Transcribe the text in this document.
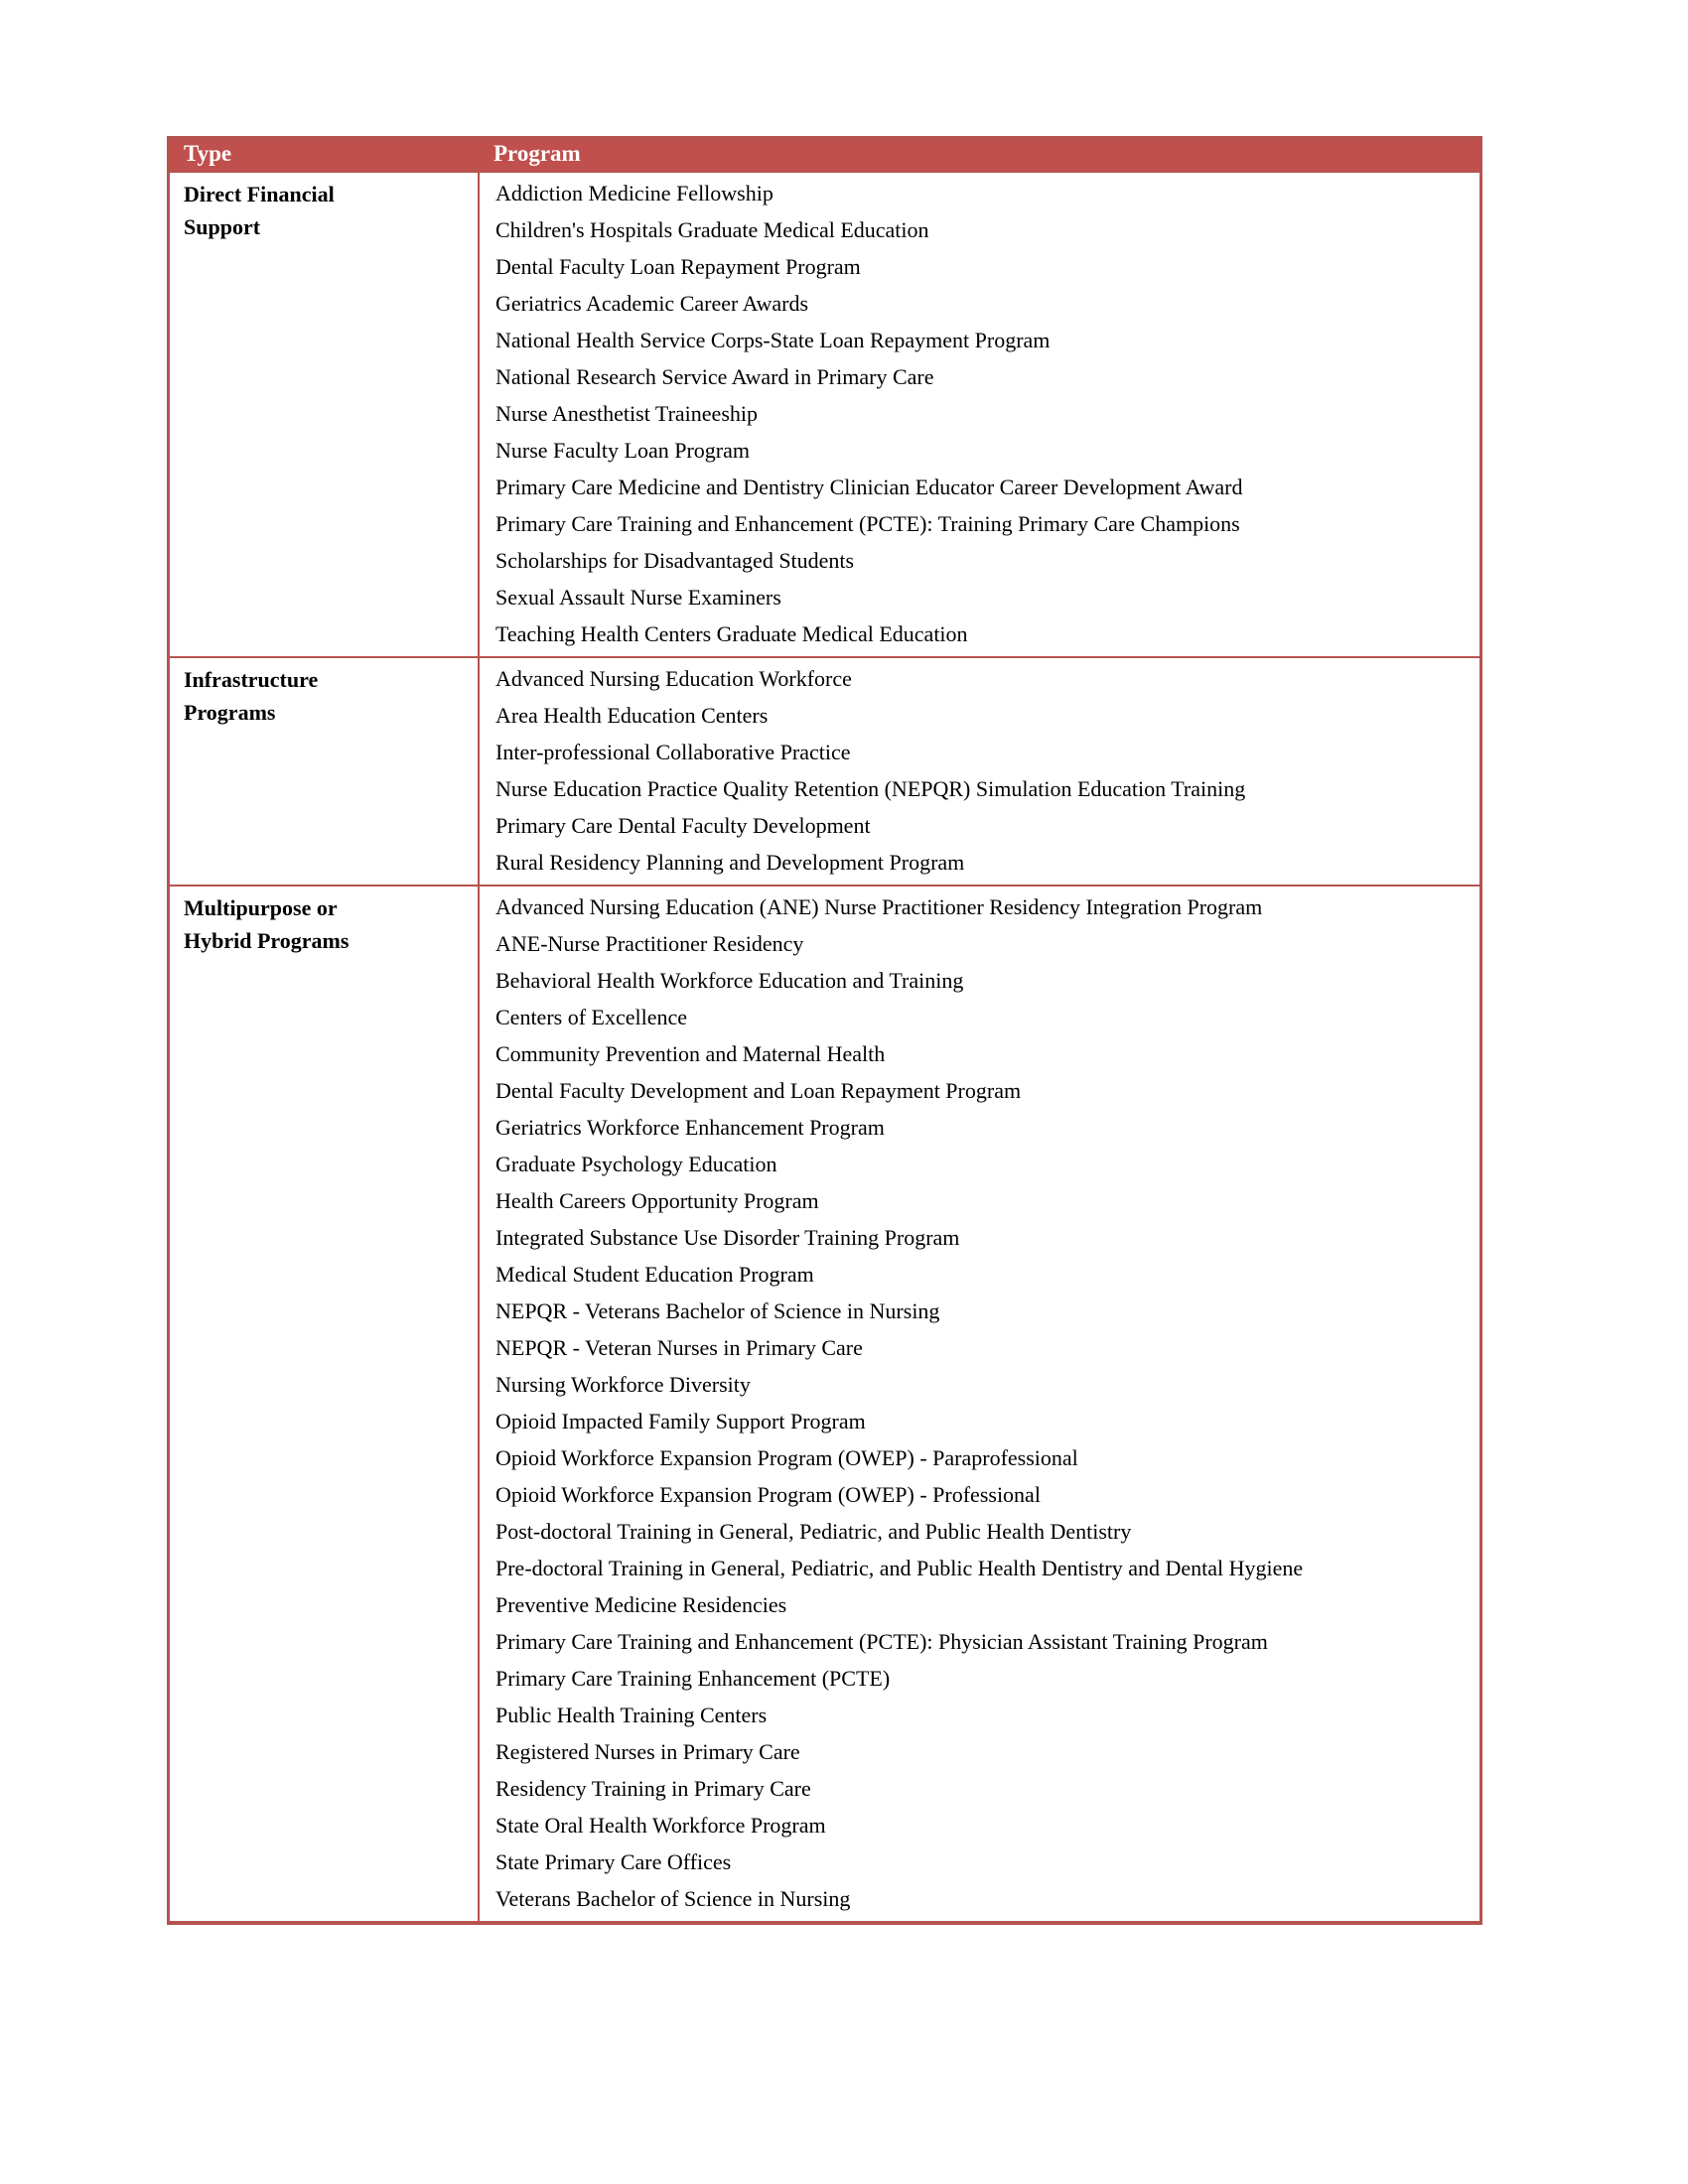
Type	Program

Direct Financial Support

Addiction Medicine Fellowship
Children's Hospitals Graduate Medical Education
Dental Faculty Loan Repayment Program
Geriatrics Academic Career Awards
National Health Service Corps-State Loan Repayment Program
National Research Service Award in Primary Care
Nurse Anesthetist Traineeship
Nurse Faculty Loan Program
Primary Care Medicine and Dentistry Clinician Educator Career Development Award
Primary Care Training and Enhancement (PCTE): Training Primary Care Champions
Scholarships for Disadvantaged Students
Sexual Assault Nurse Examiners
Teaching Health Centers Graduate Medical Education

Infrastructure Programs

Advanced Nursing Education Workforce
Area Health Education Centers
Inter-professional Collaborative Practice
Nurse Education Practice Quality Retention (NEPQR) Simulation Education Training
Primary Care Dental Faculty Development
Rural Residency Planning and Development Program

Multipurpose or Hybrid Programs

Advanced Nursing Education (ANE) Nurse Practitioner Residency Integration Program
ANE-Nurse Practitioner Residency
Behavioral Health Workforce Education and Training
Centers of Excellence
Community Prevention and Maternal Health
Dental Faculty Development and Loan Repayment Program
Geriatrics Workforce Enhancement Program
Graduate Psychology Education
Health Careers Opportunity Program
Integrated Substance Use Disorder Training Program
Medical Student Education Program
NEPQR - Veterans Bachelor of Science in Nursing
NEPQR - Veteran Nurses in Primary Care
Nursing Workforce Diversity
Opioid Impacted Family Support Program
Opioid Workforce Expansion Program (OWEP) - Paraprofessional
Opioid Workforce Expansion Program (OWEP) - Professional
Post-doctoral Training in General, Pediatric, and Public Health Dentistry
Pre-doctoral Training in General, Pediatric, and Public Health Dentistry and Dental Hygiene
Preventive Medicine Residencies
Primary Care Training and Enhancement (PCTE): Physician Assistant Training Program
Primary Care Training Enhancement (PCTE)
Public Health Training Centers
Registered Nurses in Primary Care
Residency Training in Primary Care
State Oral Health Workforce Program
State Primary Care Offices
Veterans Bachelor of Science in Nursing
